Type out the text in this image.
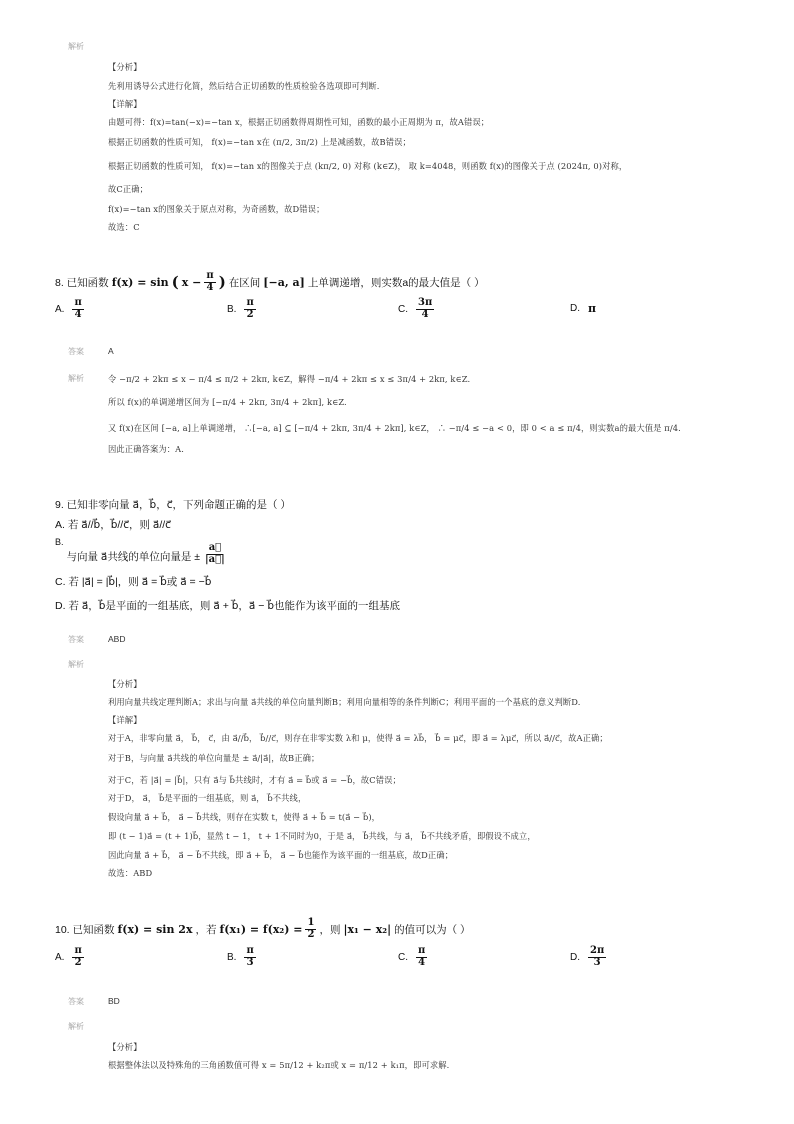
解析
【分析】
先利用诱导公式进行化简，然后结合正切函数的性质检验各选项即可判断.
【详解】
由题可得：f(x)=tan(−x)=−tan x，根据正切函数得周期性可知，函数的最小正周期为 π，故A错误；
根据正切函数的性质可知， f(x)=−tan x在 (π/2, 3π/2) 上是减函数，故B错误；
根据正切函数的性质可知， f(x)=−tan x的图像关于点 (kπ/2, 0) 对称 (k∈Z)， 取 k=4048，则函数 f(x)的图像关于点 (2024π, 0)对称，
故C正确；
f(x)=−tan x的图象关于原点对称，为奇函数，故D错误；
故选：C
8. 已知函数 f(x) = sin ( $x - \frac{\pi}{4}$ ) 在区间 [−a, a] 上单调递增，则实数a的最大值是（ ）
A. $\frac{\pi}{4}$	B. $\frac{\pi}{2}$	C. $\frac{3\pi}{4}$	D. π
答案	A
解析	令 −π/2 + 2kπ ≤ x − π/4 ≤ π/2 + 2kπ, k∈Z，解得 −π/4 + 2kπ ≤ x ≤ 3π/4 + 2kπ, k∈Z.
所以 f(x)的单调递增区间为 [−π/4 + 2kπ, 3π/4 + 2kπ], k∈Z.
又 f(x)在区间 [−a, a]上单调递增， ∴[−a, a] ⊆ [−π/4 + 2kπ, 3π/4 + 2kπ], k∈Z， ∴ −π/4 ≤ −a < 0，即 0 < a ≤ π/4，则实数a的最大值是 π/4.
因此正确答案为：A.
9. 已知非零向量 a⃗，b⃗，c⃗，下列命题正确的是（ ）
A. 若 a⃗//b⃗，b⃗//c⃗，则 a⃗//c⃗
B.
与向量 a⃗共线的单位向量是 ± $\frac{a⃗}{|a⃗|}$
C. 若 |a⃗| = |b⃗|，则 a⃗ = b⃗或 a⃗ = −b⃗
D. 若 a⃗，b⃗是平面的一组基底，则 a⃗ + b⃗，a⃗ − b⃗也能作为该平面的一组基底
答案	ABD
解析
【分析】
利用向量共线定理判断A；求出与向量 a⃗共线的单位向量判断B；利用向量相等的条件判断C；利用平面的一个基底的意义判断D.
【详解】
对于A，非零向量 a⃗， b⃗， c⃗，由 a⃗//b⃗， b⃗//c⃗，则存在非零实数 λ和 μ，使得 a⃗ = λb⃗， b⃗ = μc⃗，即 a⃗ = λμc⃗，所以 a⃗//c⃗，故A正确；
对于B，与向量 a⃗共线的单位向量是 ± a⃗/|a⃗|，故B正确；
对于C，若 |a⃗| = |b⃗|，只有 a⃗与 b⃗共线时，才有 a⃗ = b⃗或 a⃗ = −b⃗，故C错误；
对于D， a⃗， b⃗是平面的一组基底，则 a⃗， b⃗不共线，
假设向量 a⃗ + b⃗， a⃗ − b⃗共线，则存在实数 t，使得 a⃗ + b⃗ = t(a⃗ − b⃗)，
即 (t − 1)a⃗ = (t + 1)b⃗，显然 t − 1， t + 1不同时为0，于是 a⃗， b⃗共线，与 a⃗， b⃗不共线矛盾，即假设不成立，
因此向量 a⃗ + b⃗， a⃗ − b⃗不共线，即 a⃗ + b⃗， a⃗ − b⃗也能作为该平面的一组基底，故D正确；
故选：ABD
10. 已知函数 f(x) = sin 2x ，若 $f(x_1) = f(x_2) = \frac{1}{2}$ ，则 |x₁ − x₂| 的值可以为（ ）
A. $\frac{\pi}{2}$	B. $\frac{\pi}{3}$	C. $\frac{\pi}{4}$	D. $\frac{2\pi}{3}$
答案	BD
解析
【分析】
根据整体法以及特殊角的三角函数值可得 x = 5π/12 + k₂π或 x = π/12 + k₁π，即可求解.
